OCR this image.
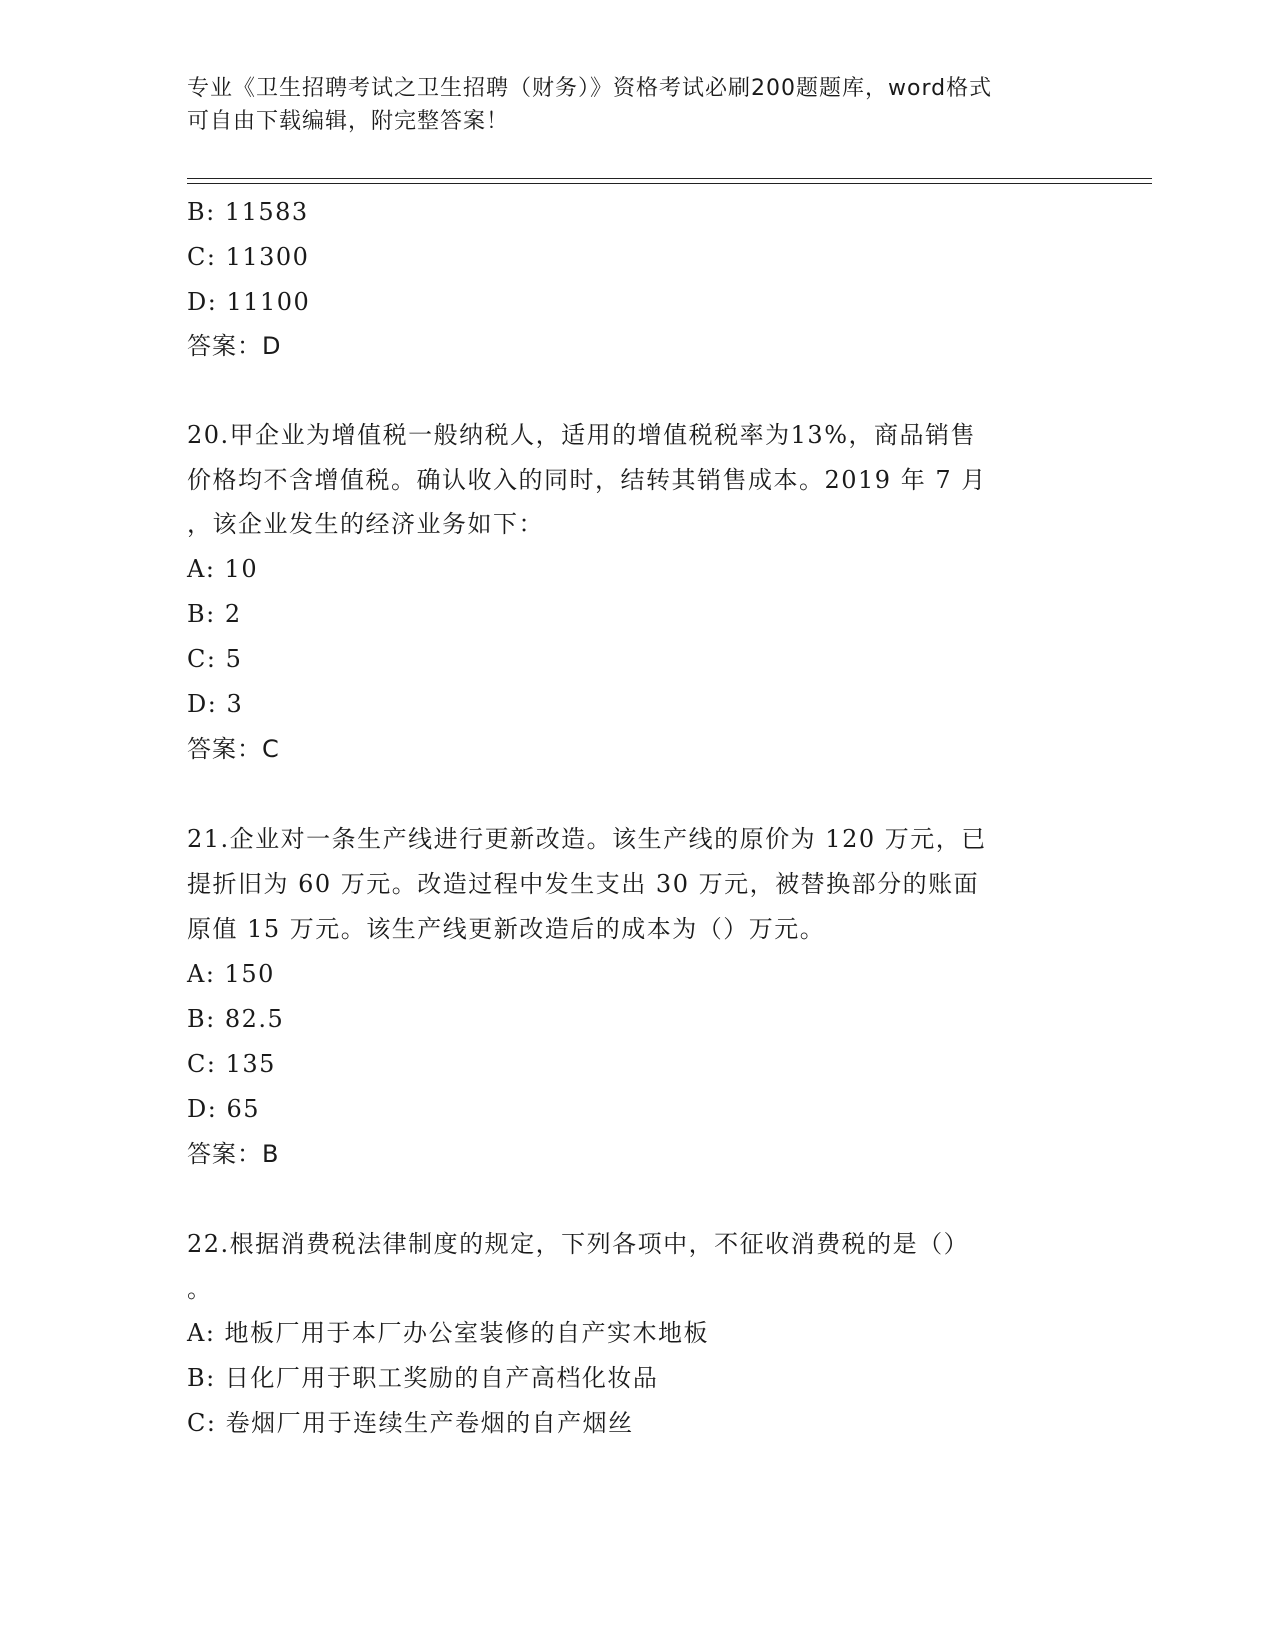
专业《卫生招聘考试之卫生招聘（财务）》资格考试必刷200题题库，word格式
可自由下载编辑，附完整答案！
B: 11583
C: 11300
D: 11100
答案：D
20.甲企业为增值税一般纳税人，适用的增值税税率为13%，商品销售
价格均不含增值税。确认收入的同时，结转其销售成本。2019 年 7 月
，该企业发生的经济业务如下：
A: 10
B: 2
C: 5
D: 3
答案：C
21.企业对一条生产线进行更新改造。该生产线的原价为 120 万元，已
提折旧为 60 万元。改造过程中发生支出 30 万元，被替换部分的账面
原值 15 万元。该生产线更新改造后的成本为（）万元。
A: 150
B: 82.5
C: 135
D: 65
答案：B
22.根据消费税法律制度的规定，下列各项中，不征收消费税的是（）
。
A: 地板厂用于本厂办公室装修的自产实木地板
B: 日化厂用于职工奖励的自产高档化妆品
C: 卷烟厂用于连续生产卷烟的自产烟丝
